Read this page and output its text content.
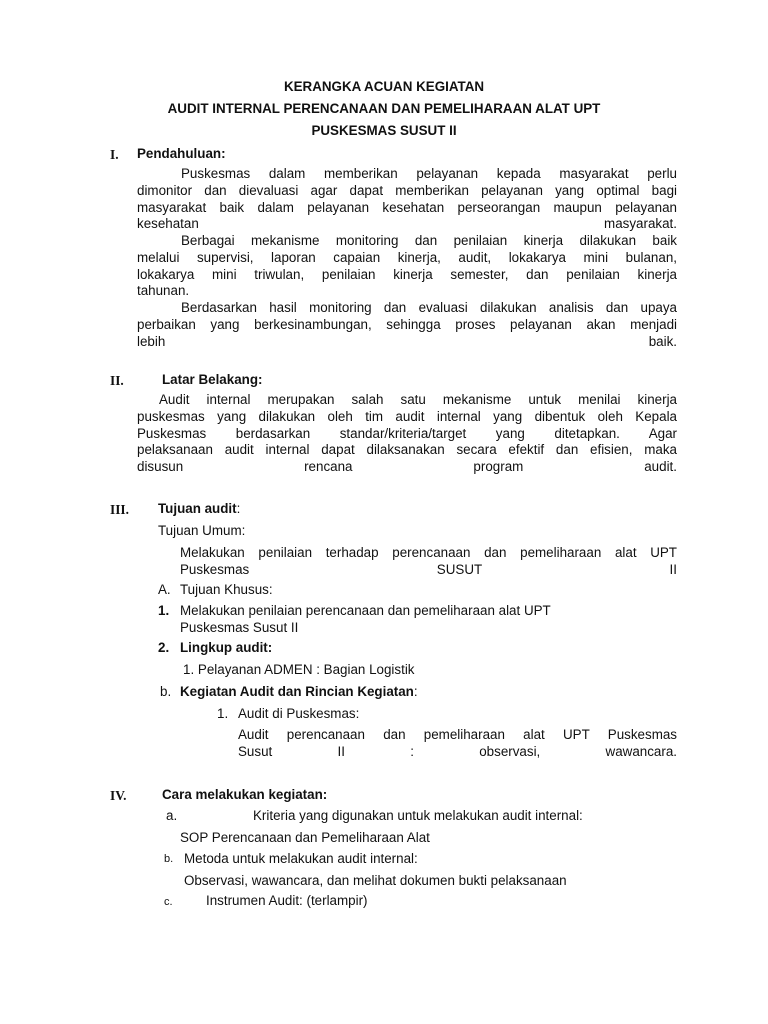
KERANGKA ACUAN KEGIATAN
AUDIT INTERNAL PERENCANAAN DAN PEMELIHARAAN ALAT UPT
PUSKESMAS SUSUT II
I. Pendahuluan:
Puskesmas dalam memberikan pelayanan kepada masyarakat perlu
dimonitor dan dievaluasi agar dapat memberikan pelayanan yang optimal bagi
masyarakat baik dalam pelayanan kesehatan perseorangan maupun pelayanan
kesehatan masyarakat.
Berbagai mekanisme monitoring dan penilaian kinerja dilakukan baik
melalui supervisi, laporan capaian kinerja, audit, lokakarya mini bulanan,
lokakarya mini triwulan, penilaian kinerja semester, dan penilaian kinerja
tahunan.
Berdasarkan hasil monitoring dan evaluasi dilakukan analisis dan upaya
perbaikan yang berkesinambungan, sehingga proses pelayanan akan menjadi
lebih baik.
II.	Latar Belakang:
Audit internal merupakan salah satu mekanisme untuk menilai kinerja
puskesmas yang dilakukan oleh tim audit internal yang dibentuk oleh Kepala
Puskesmas berdasarkan standar/kriteria/target yang ditetapkan. Agar
pelaksanaan audit internal dapat dilaksanakan secara efektif dan efisien, maka
disusun rencana program audit.
III. Tujuan audit:
Tujuan Umum:
Melakukan penilaian terhadap perencanaan dan pemeliharaan alat UPT
Puskesmas SUSUT II
A. Tujuan Khusus:
1. Melakukan penilaian perencanaan dan pemeliharaan alat UPT
Puskesmas Susut II
2. Lingkup audit:
1. Pelayanan ADMEN : Bagian Logistik
b. Kegiatan Audit dan Rincian Kegiatan:
1. Audit di Puskesmas:
Audit perencanaan dan pemeliharaan alat UPT Puskesmas
Susut II : observasi, wawancara.
IV.	Cara melakukan kegiatan:
a.	Kriteria yang digunakan untuk melakukan audit internal:
SOP Perencanaan dan Pemeliharaan Alat
b. Metoda untuk melakukan audit internal:
Observasi, wawancara, dan melihat dokumen bukti pelaksanaan
c. Instrumen Audit: (terlampir)
